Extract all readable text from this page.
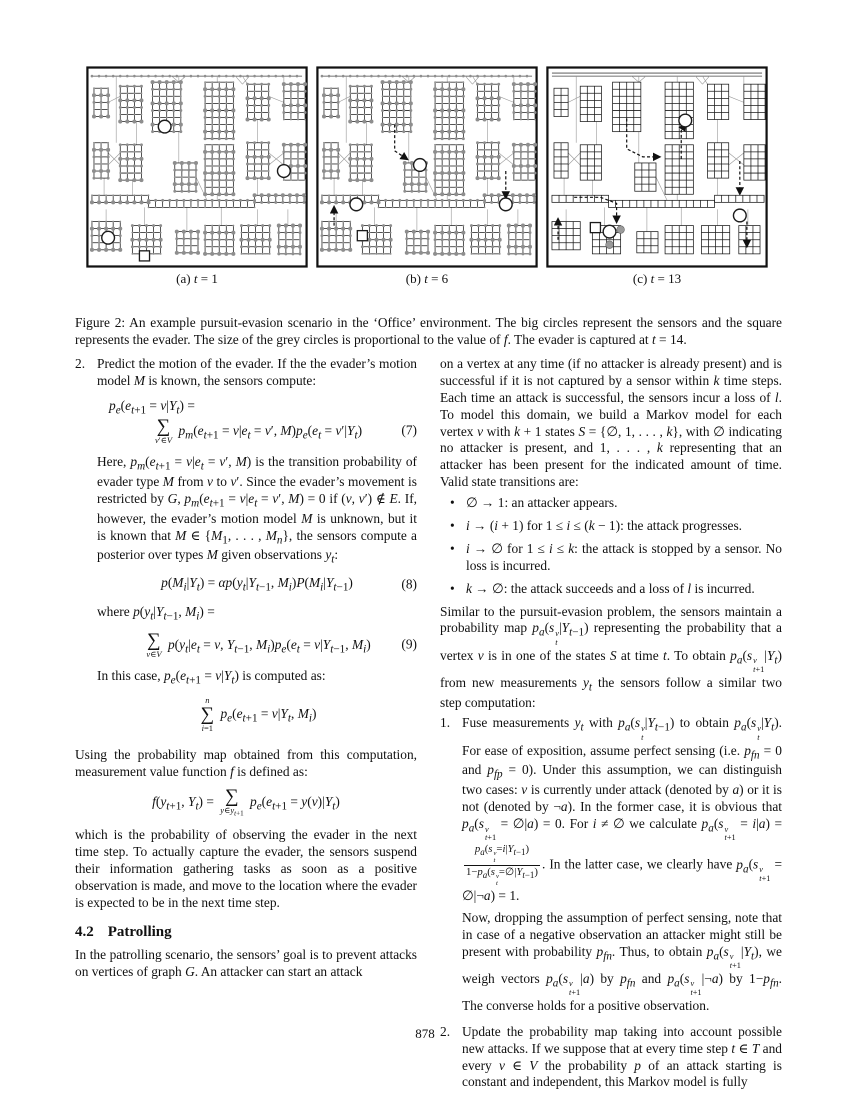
(a) t = 1	(b) t = 6	(c) t = 13

Figure 2: An example pursuit-evasion scenario in the ‘Office’ environment. The big circles represent the sensors and the square represents the evader. The size of the grey circles is proportional to the value of f. The evader is captured at t = 14.

2. Predict the motion of the evader. If the the evader’s motion model M is known, the sensors compute:

$p_e(e_{t+1} = v|Y_t)$ =
∑
v′∈V
$p_m(e_{t+1} = v|e_t = v'$, $M)p_e(e_t = v'|Y_t)$	(7)

Here, $p_m(e_{t+1} = v|e_t = v'$, M) is the transition probability of evader type M from v to v′. Since the evader’s movement is restricted by G, $p_m(e_{t+1} = v|e_t = v'$, M) = 0 if (v, v′) ∉ E. If, however, the evader’s motion model M is unknown, but it is known that M ∈ {$M_1$, . . . , $M_n$}, the sensors compute a posterior over types M given observations $y_t$:

$p(M_i|Y_t) = \alpha p(y_t|Y_{t-1}$, $M_i)P(M_i|Y_{t-1})$	(8)

where $p(y_t|Y_{t-1}$, $M_i$) =

∑
v∈V
$p(y_t|e_t = v$, $Y_{t-1}$, $M_i)p_e(e_t = v|Y_{t-1}$, $M_i$) (9)

In this case, $p_e(e_{t+1} = v|Y_t)$ is computed as:

n
∑
i=1
$p_e(e_{t+1} = v|Y_t$, $M_i$)

Using the probability map obtained from this computation, measurement value function f is defined as:

$f(y_{t+1}$, $Y_t$) = ∑
$y\in y_{t+1}$
$p_e(e_{t+1} = y(v)|Y_t)$

which is the probability of observing the evader in the next time step. To actually capture the evader, the sensors suspend their information gathering tasks as soon as a positive observation is made, and move to the location where the evader is expected to be in the next time step.

4.2 Patrolling

In the patrolling scenario, the sensors’ goal is to prevent attacks on vertices of graph G. An attacker can start an attack

on a vertex at any time (if no attacker is already present) and is successful if it is not captured by a sensor within k time steps. Each time an attack is successful, the sensors incur a loss of l. To model this domain, we build a Markov model for each vertex v with k + 1 states S = {∅, 1, . . . , k}, with ∅ indicating no attacker is present, and 1, . . . , k representing that an attacker has been present for the indicated amount of time. Valid state transitions are:

• ∅ → 1: an attacker appears.
• i → (i + 1) for 1 ≤ i ≤ (k − 1): the attack progresses.
• i → ∅ for 1 ≤ i ≤ k: the attack is stopped by a sensor. No loss is incurred.
• k → ∅: the attack succeeds and a loss of l is incurred.

Similar to the pursuit-evasion problem, the sensors maintain a probability map $p_a(s$ v
t
$|Y_{t-1}$) representing the probability that a vertex v is in one of the states S at time t. To obtain $p_a(s$ v
t+1
$|Y_t$) from new measurements $y_t$ the sensors follow a similar two step computation:

1. Fuse measurements $y_t$ with $p_a(s$ v
t
$|Y_{t-1}$) to obtain $p_a(s$ v
t
$|Y_t$). For ease of exposition, assume perfect sensing (i.e. $p_{fn} = 0$ and $p_{fp} = 0$). Under this assumption, we can distinguish two cases: v is currently under attack (denoted by a) or it is not (denoted by ¬a). In the former case, it is obvious that $p_a(s$ v
t+1
= ∅|a) = 0. For i ≠ ∅ we calculate $p_a(s$ v
t+1
= i|a) =
$p_a(s$ v
t
$=i|Y_{t-1}$)
$1-p_a(s$ v
t
$=\emptyset|Y_{t-1}$) . In the latter case, we clearly have $p_a(s$ v
t+1
= ∅|¬a) = 1.

Now, dropping the assumption of perfect sensing, note that in case of a negative observation an attacker might still be present with probability $p_{fn}$. Thus, to obtain $p_a(s$ v
t+1
$|Y_t$), we weigh vectors $p_a(s$ v
t+1
|a) by $p_{fn}$ and $p_a(s$ v
t+1
|¬a) by $1-p_{fn}$. The converse holds for a positive observation.

2. Update the probability map taking into account possible new attacks. If we suppose that at every time step t ∈ T and every v ∈ V the probability p of an attack starting is constant and independent, this Markov model is fully

878
